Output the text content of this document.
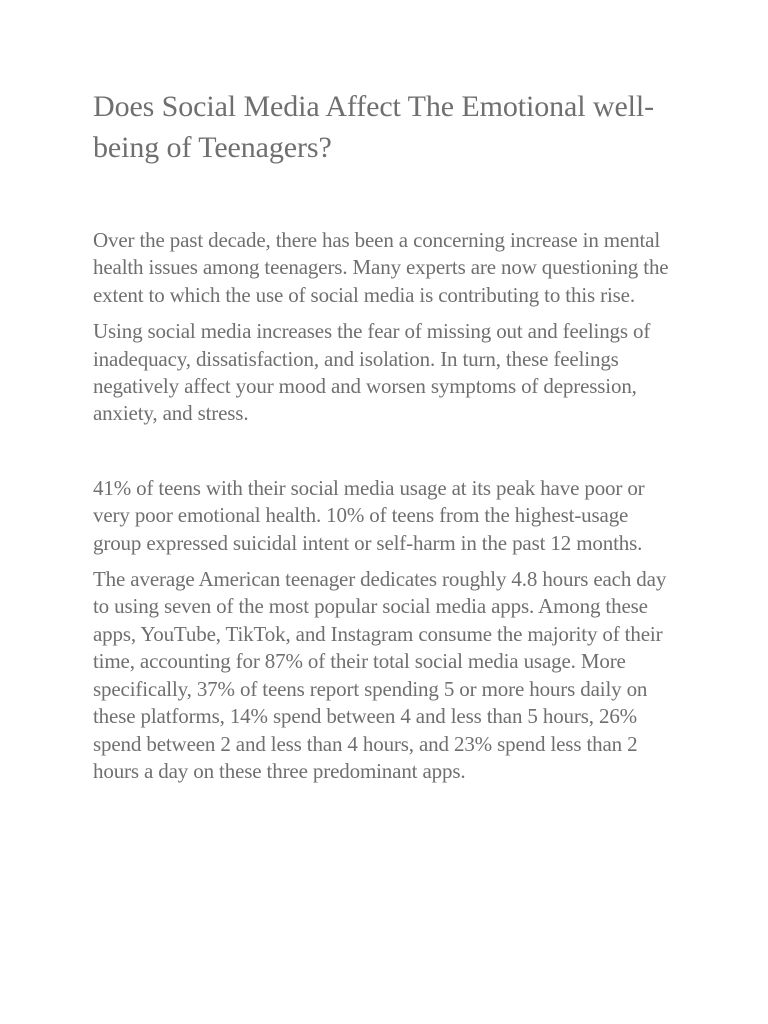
Does Social Media Affect The Emotional well-being of Teenagers?

Over the past decade, there has been a concerning increase in mental health issues among teenagers. Many experts are now questioning the extent to which the use of social media is contributing to this rise.

Using social media increases the fear of missing out and feelings of inadequacy, dissatisfaction, and isolation. In turn, these feelings negatively affect your mood and worsen symptoms of depression, anxiety, and stress.

41% of teens with their social media usage at its peak have poor or very poor emotional health. 10% of teens from the highest-usage group expressed suicidal intent or self-harm in the past 12 months.

The average American teenager dedicates roughly 4.8 hours each day to using seven of the most popular social media apps. Among these apps, YouTube, TikTok, and Instagram consume the majority of their time, accounting for 87% of their total social media usage. More specifically, 37% of teens report spending 5 or more hours daily on these platforms, 14% spend between 4 and less than 5 hours, 26% spend between 2 and less than 4 hours, and 23% spend less than 2 hours a day on these three predominant apps.
